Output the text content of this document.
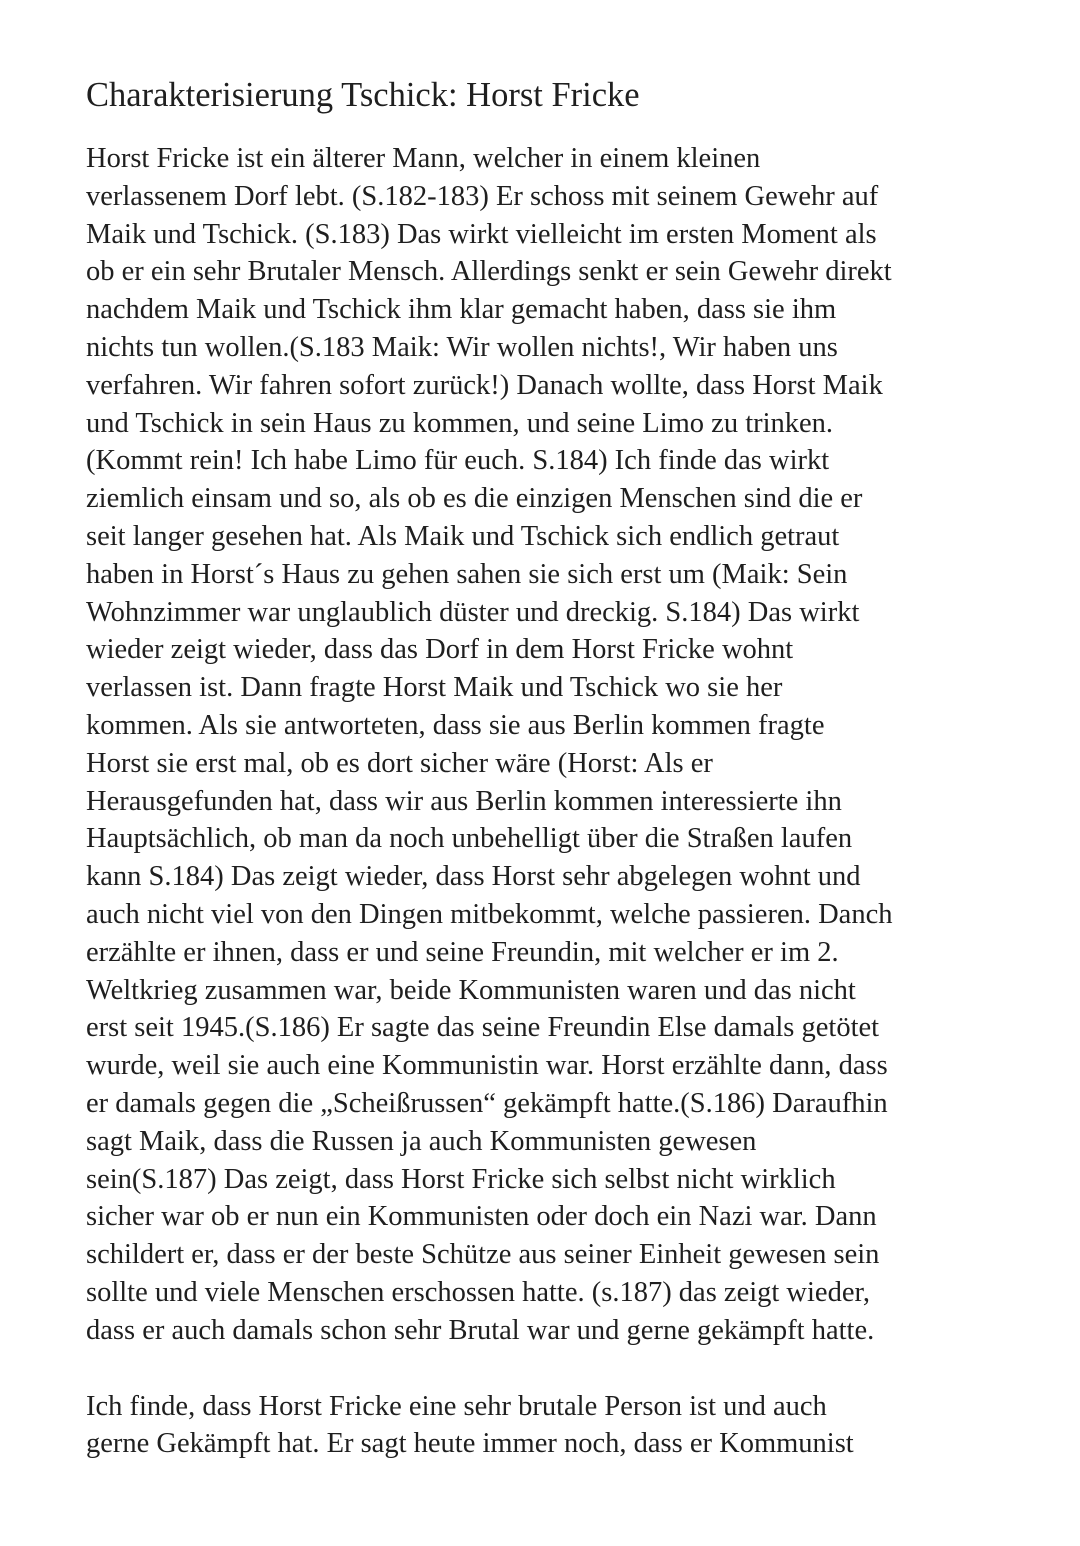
Charakterisierung Tschick: Horst Fricke

Horst Fricke ist ein älterer Mann, welcher in einem kleinen
verlassenem Dorf lebt. (S.182-183) Er schoss mit seinem Gewehr auf
Maik und Tschick. (S.183) Das wirkt vielleicht im ersten Moment als
ob er ein sehr Brutaler Mensch. Allerdings senkt er sein Gewehr direkt
nachdem Maik und Tschick ihm klar gemacht haben, dass sie ihm
nichts tun wollen.(S.183 Maik: Wir wollen nichts!, Wir haben uns
verfahren. Wir fahren sofort zurück!) Danach wollte, dass Horst Maik
und Tschick in sein Haus zu kommen, und seine Limo zu trinken.
(Kommt rein! Ich habe Limo für euch. S.184) Ich finde das wirkt
ziemlich einsam und so, als ob es die einzigen Menschen sind die er
seit langer gesehen hat. Als Maik und Tschick sich endlich getraut
haben in Horst´s Haus zu gehen sahen sie sich erst um (Maik: Sein
Wohnzimmer war unglaublich düster und dreckig. S.184) Das wirkt
wieder zeigt wieder, dass das Dorf in dem Horst Fricke wohnt
verlassen ist. Dann fragte Horst Maik und Tschick wo sie her
kommen. Als sie antworteten, dass sie aus Berlin kommen fragte
Horst sie erst mal, ob es dort sicher wäre (Horst: Als er
Herausgefunden hat, dass wir aus Berlin kommen interessierte ihn
Hauptsächlich, ob man da noch unbehelligt über die Straßen laufen
kann S.184) Das zeigt wieder, dass Horst sehr abgelegen wohnt und
auch nicht viel von den Dingen mitbekommt, welche passieren. Danch
erzählte er ihnen, dass er und seine Freundin, mit welcher er im 2.
Weltkrieg zusammen war, beide Kommunisten waren und das nicht
erst seit 1945.(S.186) Er sagte das seine Freundin Else damals getötet
wurde, weil sie auch eine Kommunistin war. Horst erzählte dann, dass
er damals gegen die „Scheißrussen“ gekämpft hatte.(S.186) Daraufhin
sagt Maik, dass die Russen ja auch Kommunisten gewesen
sein(S.187) Das zeigt, dass Horst Fricke sich selbst nicht wirklich
sicher war ob er nun ein Kommunisten oder doch ein Nazi war. Dann
schildert er, dass er der beste Schütze aus seiner Einheit gewesen sein
sollte und viele Menschen erschossen hatte. (s.187) das zeigt wieder,
dass er auch damals schon sehr Brutal war und gerne gekämpft hatte.

Ich finde, dass Horst Fricke eine sehr brutale Person ist und auch
gerne Gekämpft hat. Er sagt heute immer noch, dass er Kommunist
